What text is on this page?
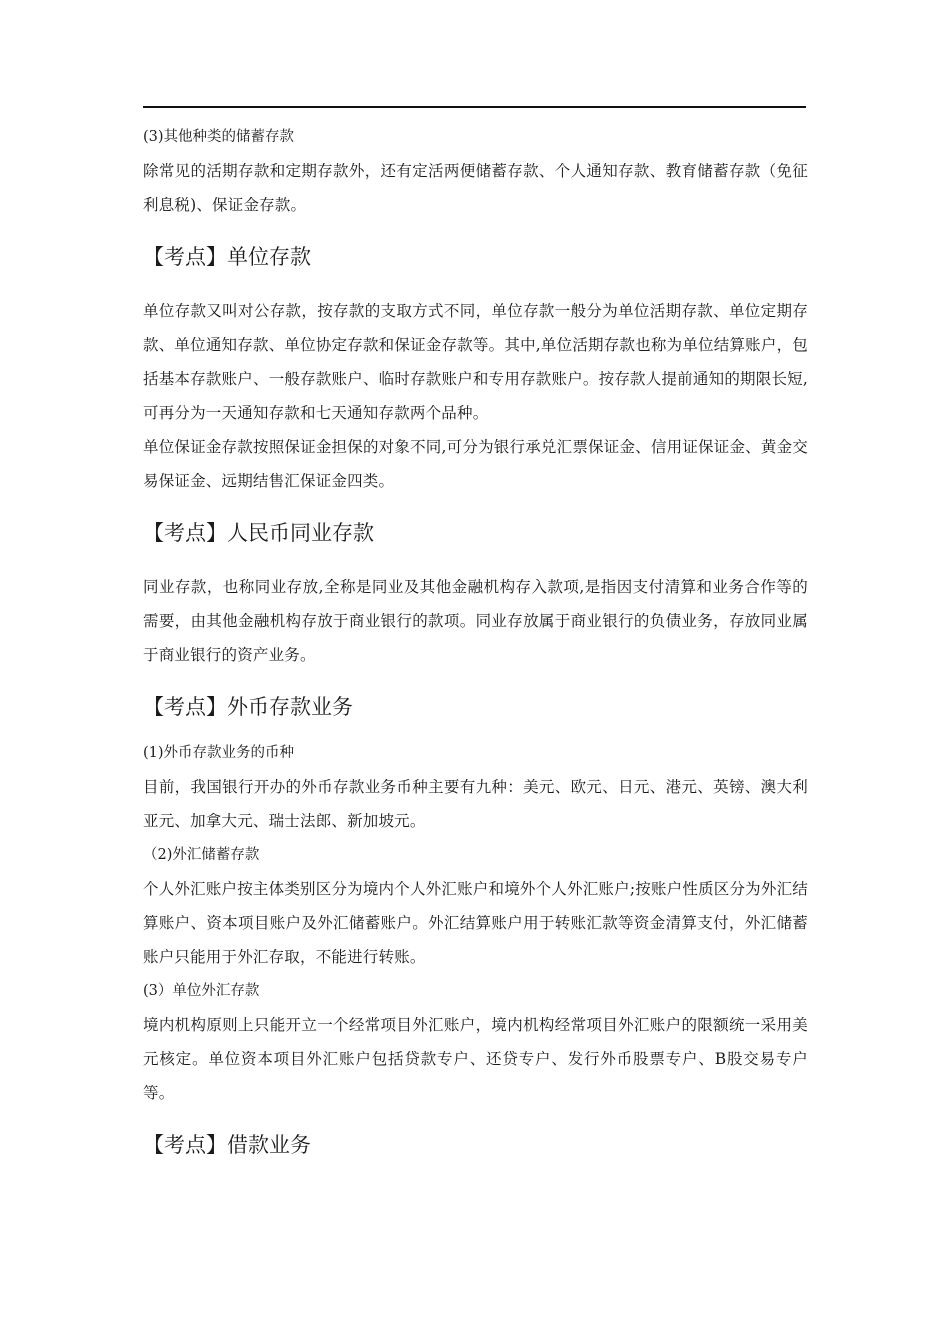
(3)其他种类的储蓄存款

除常见的活期存款和定期存款外，还有定活两便储蓄存款、个人通知存款、教育储蓄存款（免征利息税)、保证金存款。

【考点】单位存款

单位存款又叫对公存款，按存款的支取方式不同，单位存款一般分为单位活期存款、单位定期存款、单位通知存款、单位协定存款和保证金存款等。其中,单位活期存款也称为单位结算账户，包括基本存款账户、一般存款账户、临时存款账户和专用存款账户。按存款人提前通知的期限长短,可再分为一天通知存款和七天通知存款两个品种。

单位保证金存款按照保证金担保的对象不同,可分为银行承兑汇票保证金、信用证保证金、黄金交易保证金、远期结售汇保证金四类。

【考点】人民币同业存款

同业存款，也称同业存放,全称是同业及其他金融机构存入款项,是指因支付清算和业务合作等的需要，由其他金融机构存放于商业银行的款项。同业存放属于商业银行的负债业务，存放同业属于商业银行的资产业务。

【考点】外币存款业务

(1)外币存款业务的币种

目前，我国银行开办的外币存款业务币种主要有九种：美元、欧元、日元、港元、英镑、澳大利亚元、加拿大元、瑞士法郎、新加坡元。

（2)外汇储蓄存款

个人外汇账户按主体类别区分为境内个人外汇账户和境外个人外汇账户;按账户性质区分为外汇结算账户、资本项目账户及外汇储蓄账户。外汇结算账户用于转账汇款等资金清算支付，外汇储蓄账户只能用于外汇存取，不能进行转账。

(3）单位外汇存款

境内机构原则上只能开立一个经常项目外汇账户，境内机构经常项目外汇账户的限额统一采用美元核定。单位资本项目外汇账户包括贷款专户、还贷专户、发行外币股票专户、B股交易专户等。

【考点】借款业务
